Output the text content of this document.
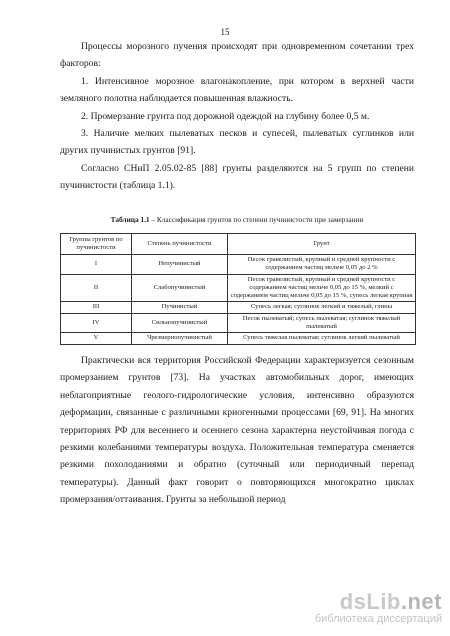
15

Процессы морозного пучения происходят при одновременном сочетании трех факторов:

1. Интенсивное морозное влагонакопление, при котором в верхней части земляного полотна наблюдается повышенная влажность.

2. Промерзание грунта под дорожной одеждой на глубину более 0,5 м.

3. Наличие мелких пылеватых песков и супесей, пылеватых суглинков или других пучинистых грунтов [91].

Согласно СНиП 2.05.02-85 [88] грунты разделяются на 5 групп по степени пучинистости (таблица 1.1).

Таблица 1.1 – Классификация грунтов по степени пучинистости при замерзании
Группы грунтов по пучинистости	Степень пучинистости	Грунт
I	Непучинистый	Песок гравелистый, крупный и средней крупности с содержанием частиц мельче 0,05 до 2 %
II	Слабопучинистый	Песок гравелистый, крупный и средней крупности с содержанием частиц мельче 0,05 до 15 %, мелкий с содержанием частиц мельче 0,05 до 15 %, супесь легкая крупная
III	Пучинистый	Супесь легкая; суглинок легкий и тяжелый, глины
IV	Сильнопучинистый	Песок пылеватый; супесь пылеватая; суглинок тяжелый пылеватый
V	Чрезмернопучинистый	Супесь тяжелая пылеватая; суглинок легкий пылеватый

Практически вся территория Российской Федерации характеризуется сезонным промерзанием грунтов [73]. На участках автомобильных дорог, имеющих неблагоприятные геолого-гидрологические условия, интенсивно образуются деформации, связанные с различными криогенными процессами [69, 91]. На многих территориях РФ для весеннего и осеннего сезона характерна неустойчивая погода с резкими колебаниями температуры воздуха. Положительная температура сменяется резкими похолоданиями и обратно (суточный или периодичный перепад температуры). Данный факт говорит о повторяющихся многократно циклах промерзания/оттаивания. Грунты за небольшой период

dsLib.net
библиотека диссертаций
